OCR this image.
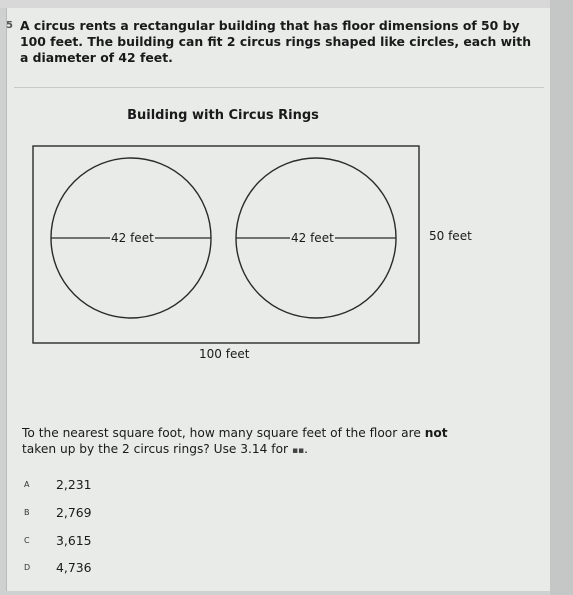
5 A circus rents a rectangular building that has floor dimensions of 50 by
100 feet. The building can fit 2 circus rings shaped like circles, each with
a diameter of 42 feet.
Building with Circus Rings
42 feet	42 feet	50 feet
100 feet
To the nearest square foot, how many square feet of the floor are not
taken up by the 2 circus rings? Use 3.14 for ▪▪.
A 2,231
B 2,769
C 3,615
D 4,736
